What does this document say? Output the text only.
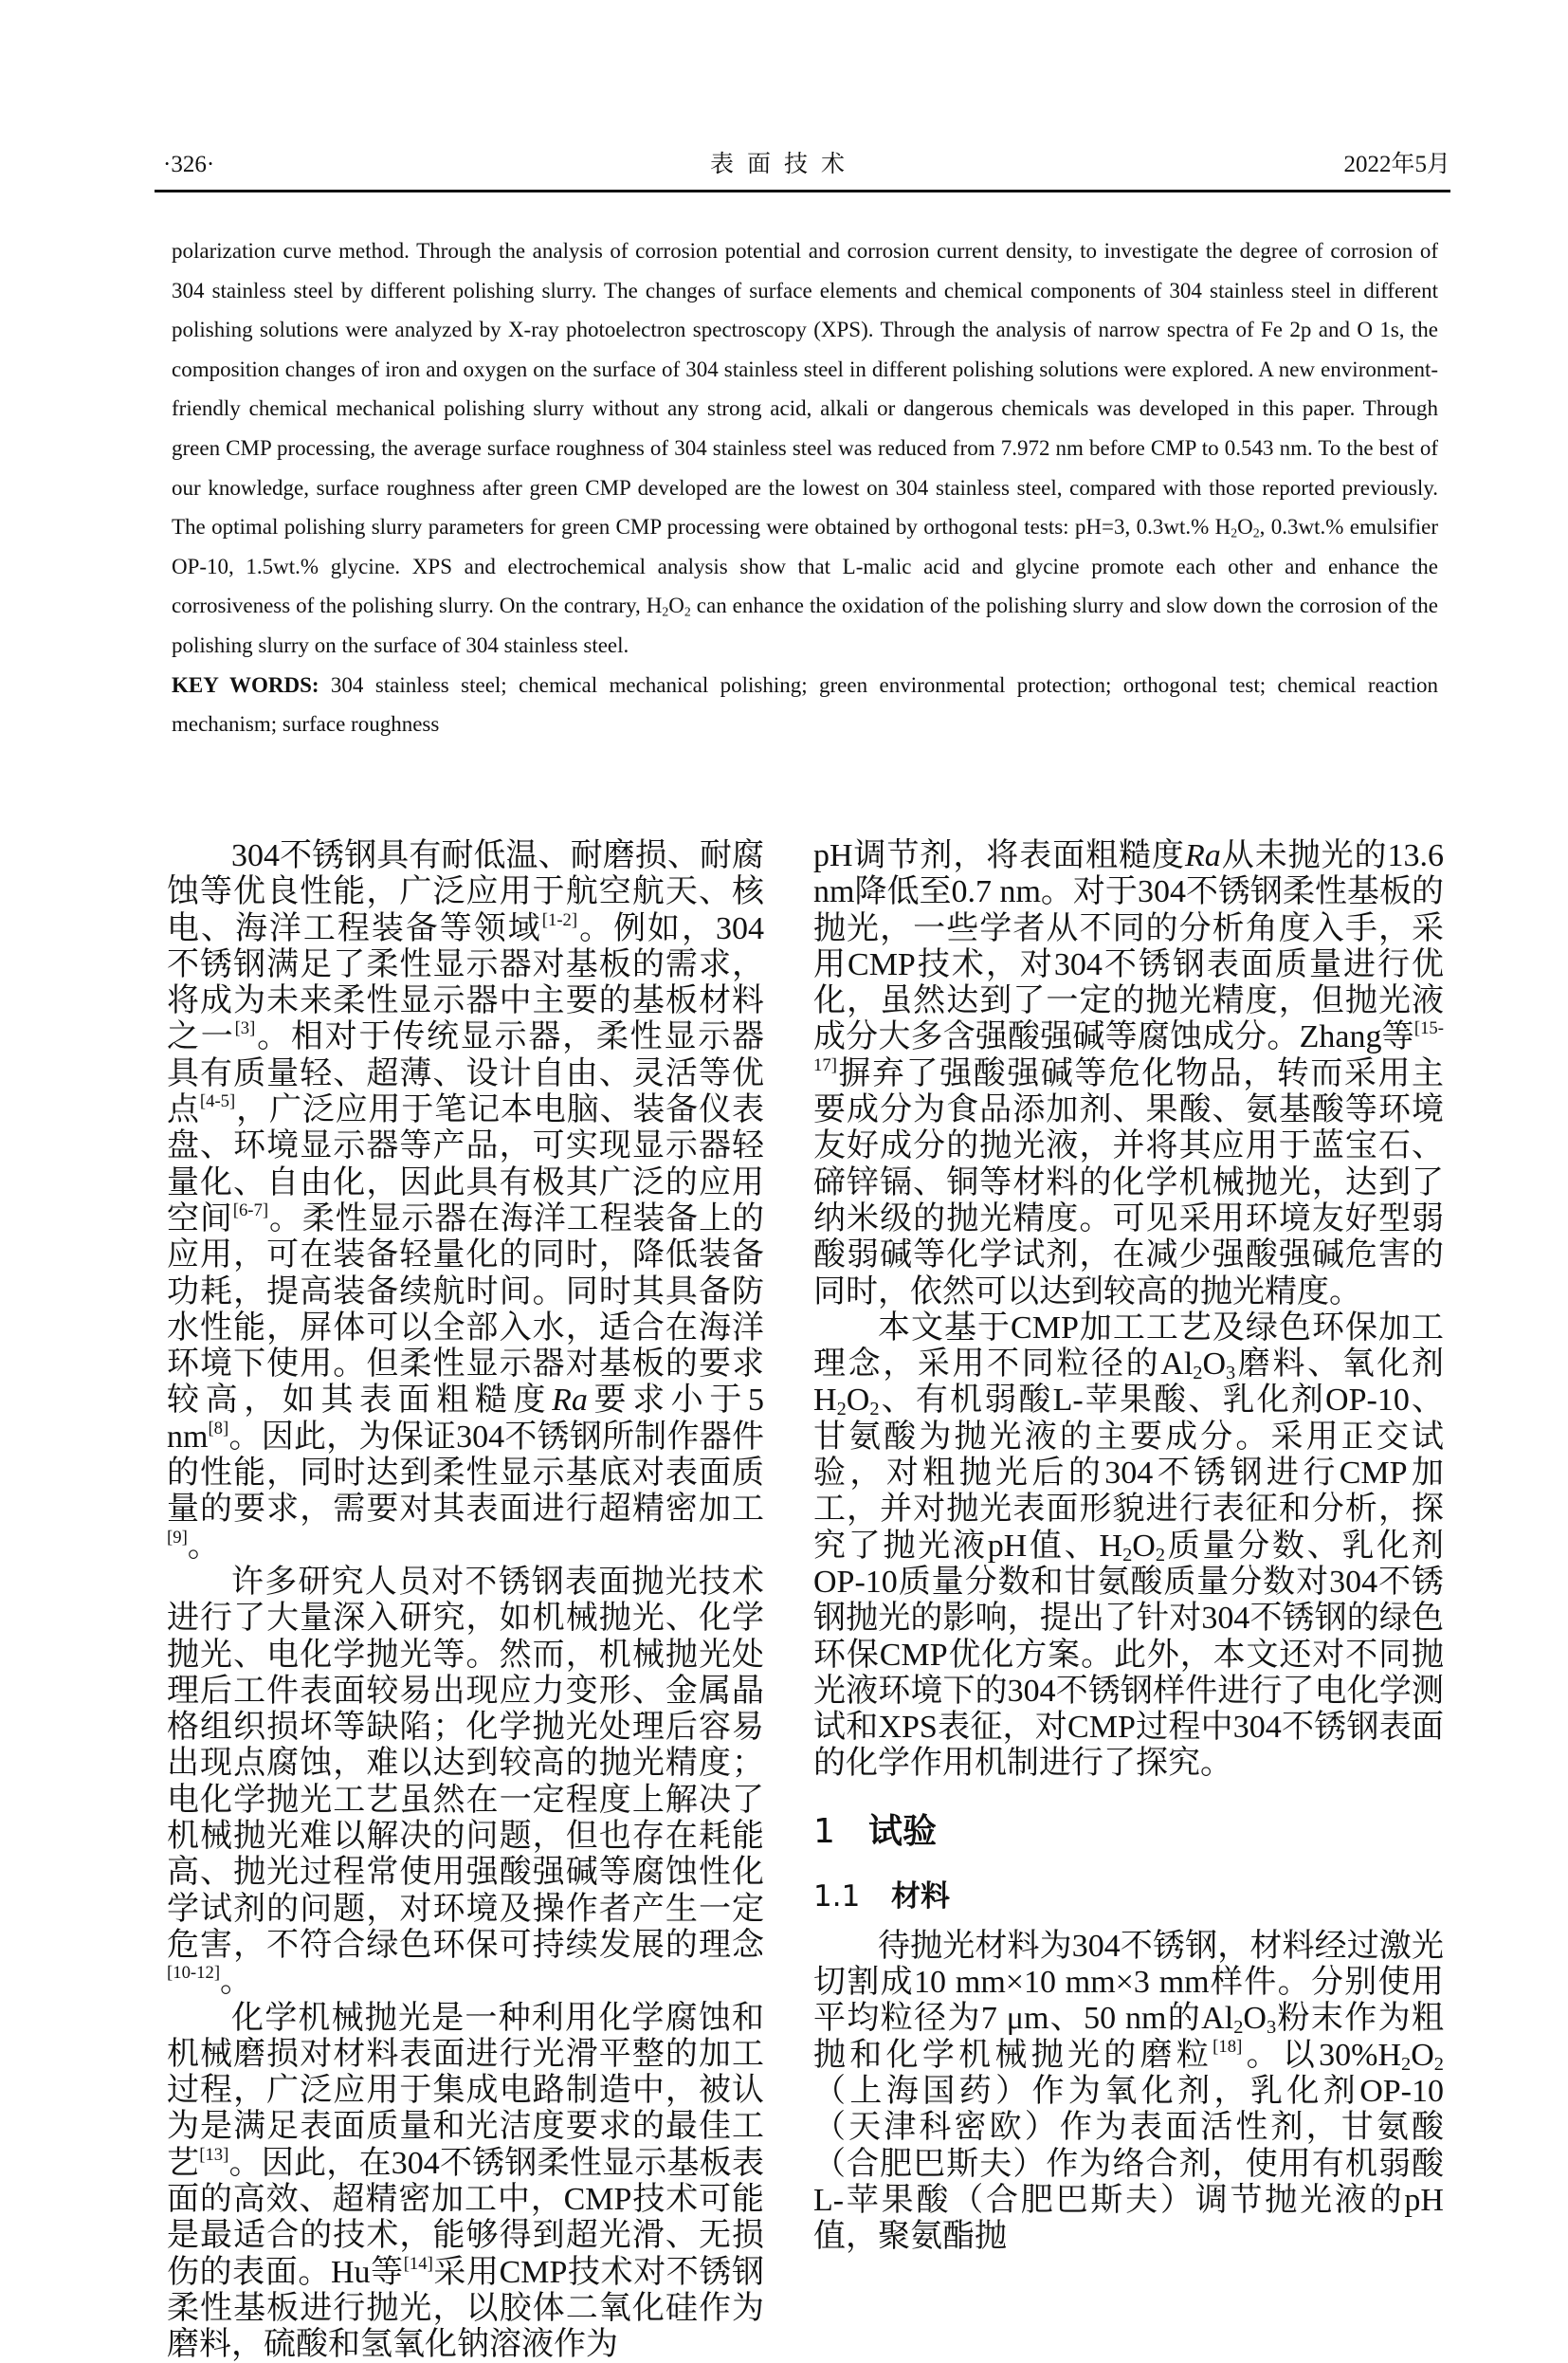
·326·	表面技术	2022年5月

polarization curve method. Through the analysis of corrosion potential and corrosion current density, to investigate the degree of corrosion of 304 stainless steel by different polishing slurry. The changes of surface elements and chemical components of 304 stainless steel in different polishing solutions were analyzed by X-ray photoelectron spectroscopy (XPS). Through the analysis of narrow spectra of Fe 2p and O 1s, the composition changes of iron and oxygen on the surface of 304 stainless steel in different polishing solutions were explored. A new environment-friendly chemical mechanical polishing slurry without any strong acid, alkali or dangerous chemicals was developed in this paper. Through green CMP processing, the average surface roughness of 304 stainless steel was reduced from 7.972 nm before CMP to 0.543 nm. To the best of our knowledge, surface roughness after green CMP developed are the lowest on 304 stainless steel, compared with those reported previously. The optimal polishing slurry parameters for green CMP processing were obtained by orthogonal tests: pH=3, 0.3wt.% $H_2O_2$, 0.3wt.% emulsifier OP-10, 1.5wt.% glycine. XPS and electrochemical analysis show that L-malic acid and glycine promote each other and enhance the corrosiveness of the polishing slurry. On the contrary, $H_2O_2$ can enhance the oxidation of the polishing slurry and slow down the corrosion of the polishing slurry on the surface of 304 stainless steel.

KEY WORDS: 304 stainless steel; chemical mechanical polishing; green environmental protection; orthogonal test; chemical reaction mechanism; surface roughness

304不锈钢具有耐低温、耐磨损、耐腐蚀等优良性能，广泛应用于航空航天、核电、海洋工程装备等领域[1-2]。例如，304不锈钢满足了柔性显示器对基板的需求，将成为未来柔性显示器中主要的基板材料之一[3]。相对于传统显示器，柔性显示器具有质量轻、超薄、设计自由、灵活等优点[4-5]，广泛应用于笔记本电脑、装备仪表盘、环境显示器等产品，可实现显示器轻量化、自由化，因此具有极其广泛的应用空间[6-7]。柔性显示器在海洋工程装备上的应用，可在装备轻量化的同时，降低装备功耗，提高装备续航时间。同时其具备防水性能，屏体可以全部入水，适合在海洋环境下使用。但柔性显示器对基板的要求较高，如其表面粗糙度Ra要求小于5 nm[8]。因此，为保证304不锈钢所制作器件的性能，同时达到柔性显示基底对表面质量的要求，需要对其表面进行超精密加工[9]。

许多研究人员对不锈钢表面抛光技术进行了大量深入研究，如机械抛光、化学抛光、电化学抛光等。然而，机械抛光处理后工件表面较易出现应力变形、金属晶格组织损坏等缺陷；化学抛光处理后容易出现点腐蚀，难以达到较高的抛光精度；电化学抛光工艺虽然在一定程度上解决了机械抛光难以解决的问题，但也存在耗能高、抛光过程常使用强酸强碱等腐蚀性化学试剂的问题，对环境及操作者产生一定危害，不符合绿色环保可持续发展的理念[10-12]。

化学机械抛光是一种利用化学腐蚀和机械磨损对材料表面进行光滑平整的加工过程，广泛应用于集成电路制造中，被认为是满足表面质量和光洁度要求的最佳工艺[13]。因此，在304不锈钢柔性显示基板表面的高效、超精密加工中，CMP技术可能是最适合的技术，能够得到超光滑、无损伤的表面。Hu等[14]采用CMP技术对不锈钢柔性基板进行抛光，以胶体二氧化硅作为磨料，硫酸和氢氧化钠溶液作为

pH调节剂，将表面粗糙度Ra从未抛光的13.6 nm降低至0.7 nm。对于304不锈钢柔性基板的抛光，一些学者从不同的分析角度入手，采用CMP技术，对304不锈钢表面质量进行优化，虽然达到了一定的抛光精度，但抛光液成分大多含强酸强碱等腐蚀成分。Zhang等[15-17]摒弃了强酸强碱等危化物品，转而采用主要成分为食品添加剂、果酸、氨基酸等环境友好成分的抛光液，并将其应用于蓝宝石、碲锌镉、铜等材料的化学机械抛光，达到了纳米级的抛光精度。可见采用环境友好型弱酸弱碱等化学试剂，在减少强酸强碱危害的同时，依然可以达到较高的抛光精度。

本文基于CMP加工工艺及绿色环保加工理念，采用不同粒径的$Al_2O_3$磨料、氧化剂$H_2O_2$、有机弱酸L-苹果酸、乳化剂OP-10、甘氨酸为抛光液的主要成分。采用正交试验，对粗抛光后的304不锈钢进行CMP加工，并对抛光表面形貌进行表征和分析，探究了抛光液pH值、$H_2O_2$质量分数、乳化剂OP-10质量分数和甘氨酸质量分数对304不锈钢抛光的影响，提出了针对304不锈钢的绿色环保CMP优化方案。此外，本文还对不同抛光液环境下的304不锈钢样件进行了电化学测试和XPS表征，对CMP过程中304不锈钢表面的化学作用机制进行了探究。

1 试验
1.1 材料

待抛光材料为304不锈钢，材料经过激光切割成10 mm×10 mm×3 mm样件。分别使用平均粒径为7 μm、50 nm的$Al_2O_3$粉末作为粗抛和化学机械抛光的磨粒[18]。以$30\%H_2O_2$（上海国药）作为氧化剂，乳化剂OP-10（天津科密欧）作为表面活性剂，甘氨酸（合肥巴斯夫）作为络合剂，使用有机弱酸L-苹果酸（合肥巴斯夫）调节抛光液的pH值，聚氨酯抛
